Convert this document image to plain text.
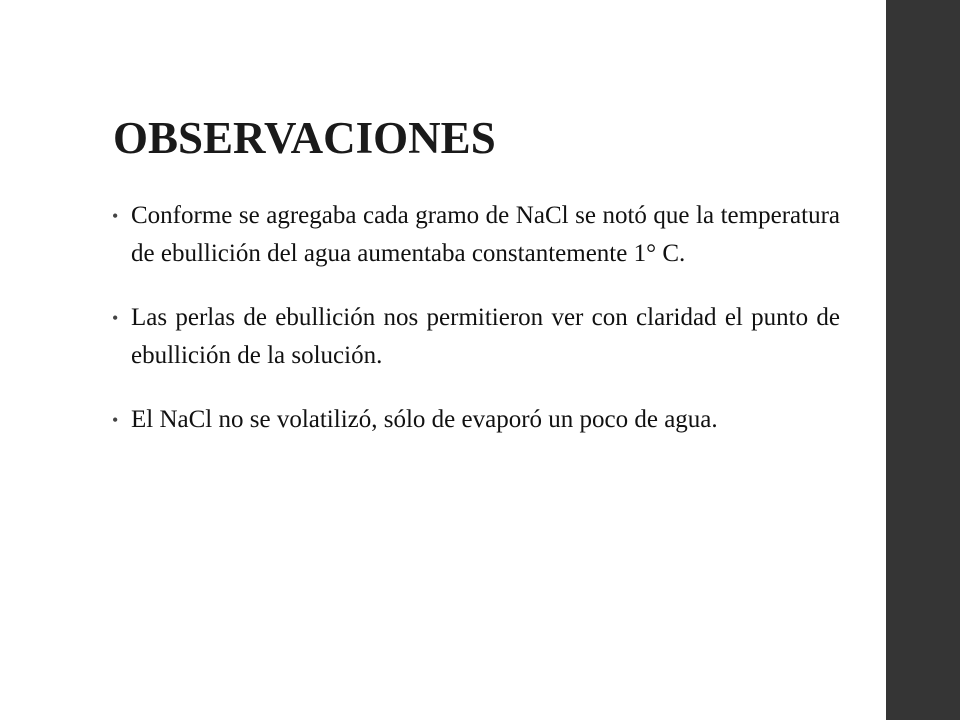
OBSERVACIONES
• Conforme se agregaba cada gramo de NaCl se notó que la temperatura de ebullición del agua aumentaba constantemente 1° C.
• Las perlas de ebullición nos permitieron ver con claridad el punto de ebullición de la solución.
• El NaCl no se volatilizó, sólo de evaporó un poco de agua.
